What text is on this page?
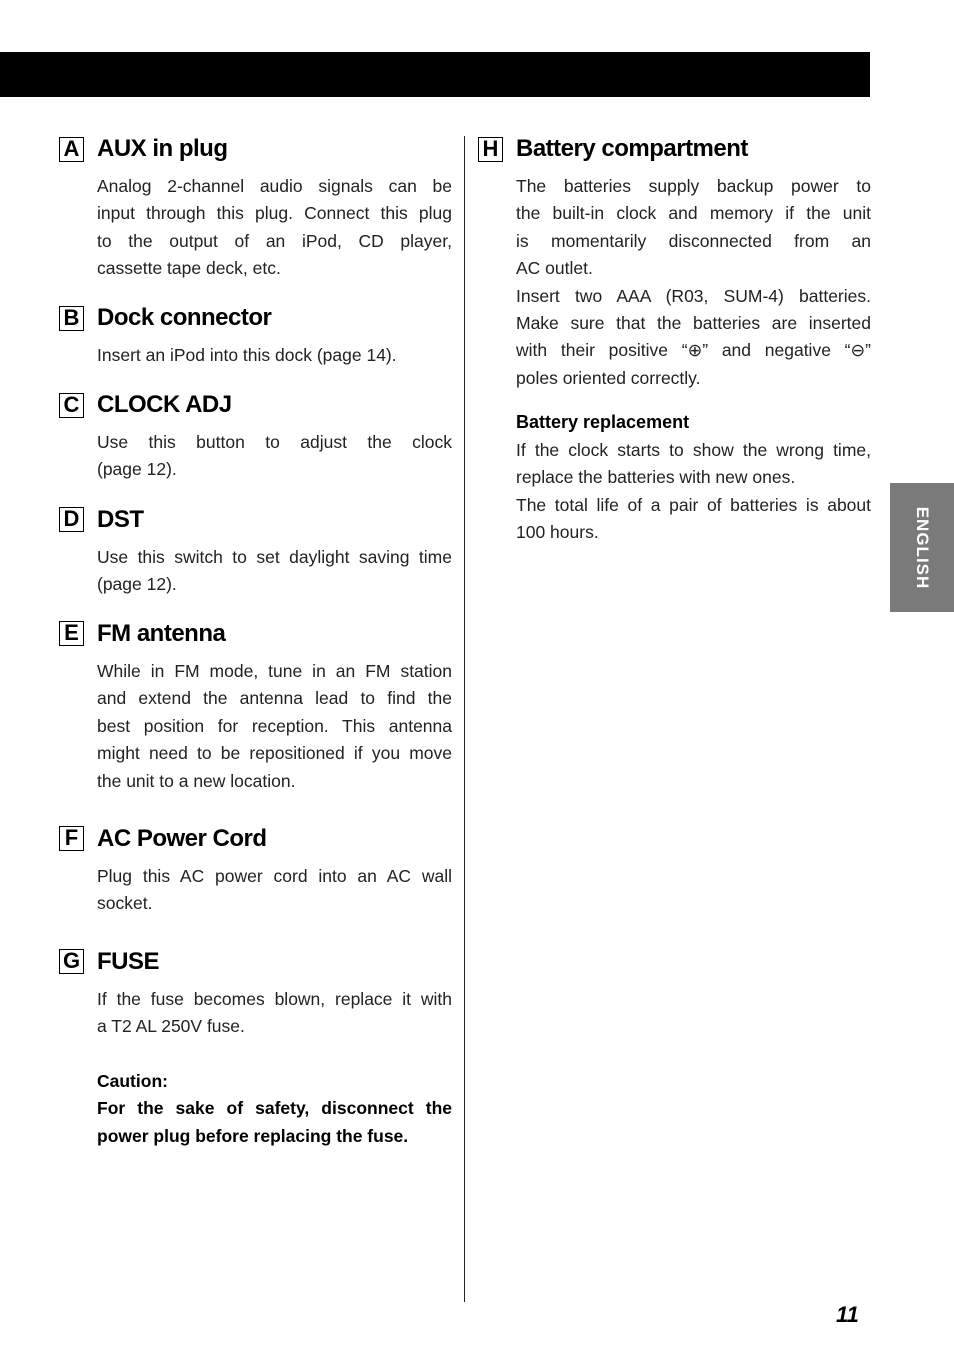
ENGLISH
A AUX in plug
Analog 2-channel audio signals can be
input through this plug. Connect this plug
to the output of an iPod, CD player,
cassette tape deck, etc.
B Dock connector
Insert an iPod into this dock (page 14).
C CLOCK ADJ
Use this button to adjust the clock
(page 12).
D DST
Use this switch to set daylight saving time
(page 12).
E FM antenna
While in FM mode, tune in an FM station
and extend the antenna lead to find the
best position for reception. This antenna
might need to be repositioned if you move
the unit to a new location.
F AC Power Cord
Plug this AC power cord into an AC wall
socket.
G FUSE
If the fuse becomes blown, replace it with
a T2 AL 250V fuse.
Caution:
For the sake of safety, disconnect the
power plug before replacing the fuse.
H Battery compartment
The batteries supply backup power to
the built-in clock and memory if the unit
is momentarily disconnected from an
AC outlet.
Insert two AAA (R03, SUM-4) batteries.
Make sure that the batteries are inserted
with their positive “⊕” and negative “⊖”
poles oriented correctly.
Battery replacement
If the clock starts to show the wrong time,
replace the batteries with new ones.
The total life of a pair of batteries is about
100 hours.
11
